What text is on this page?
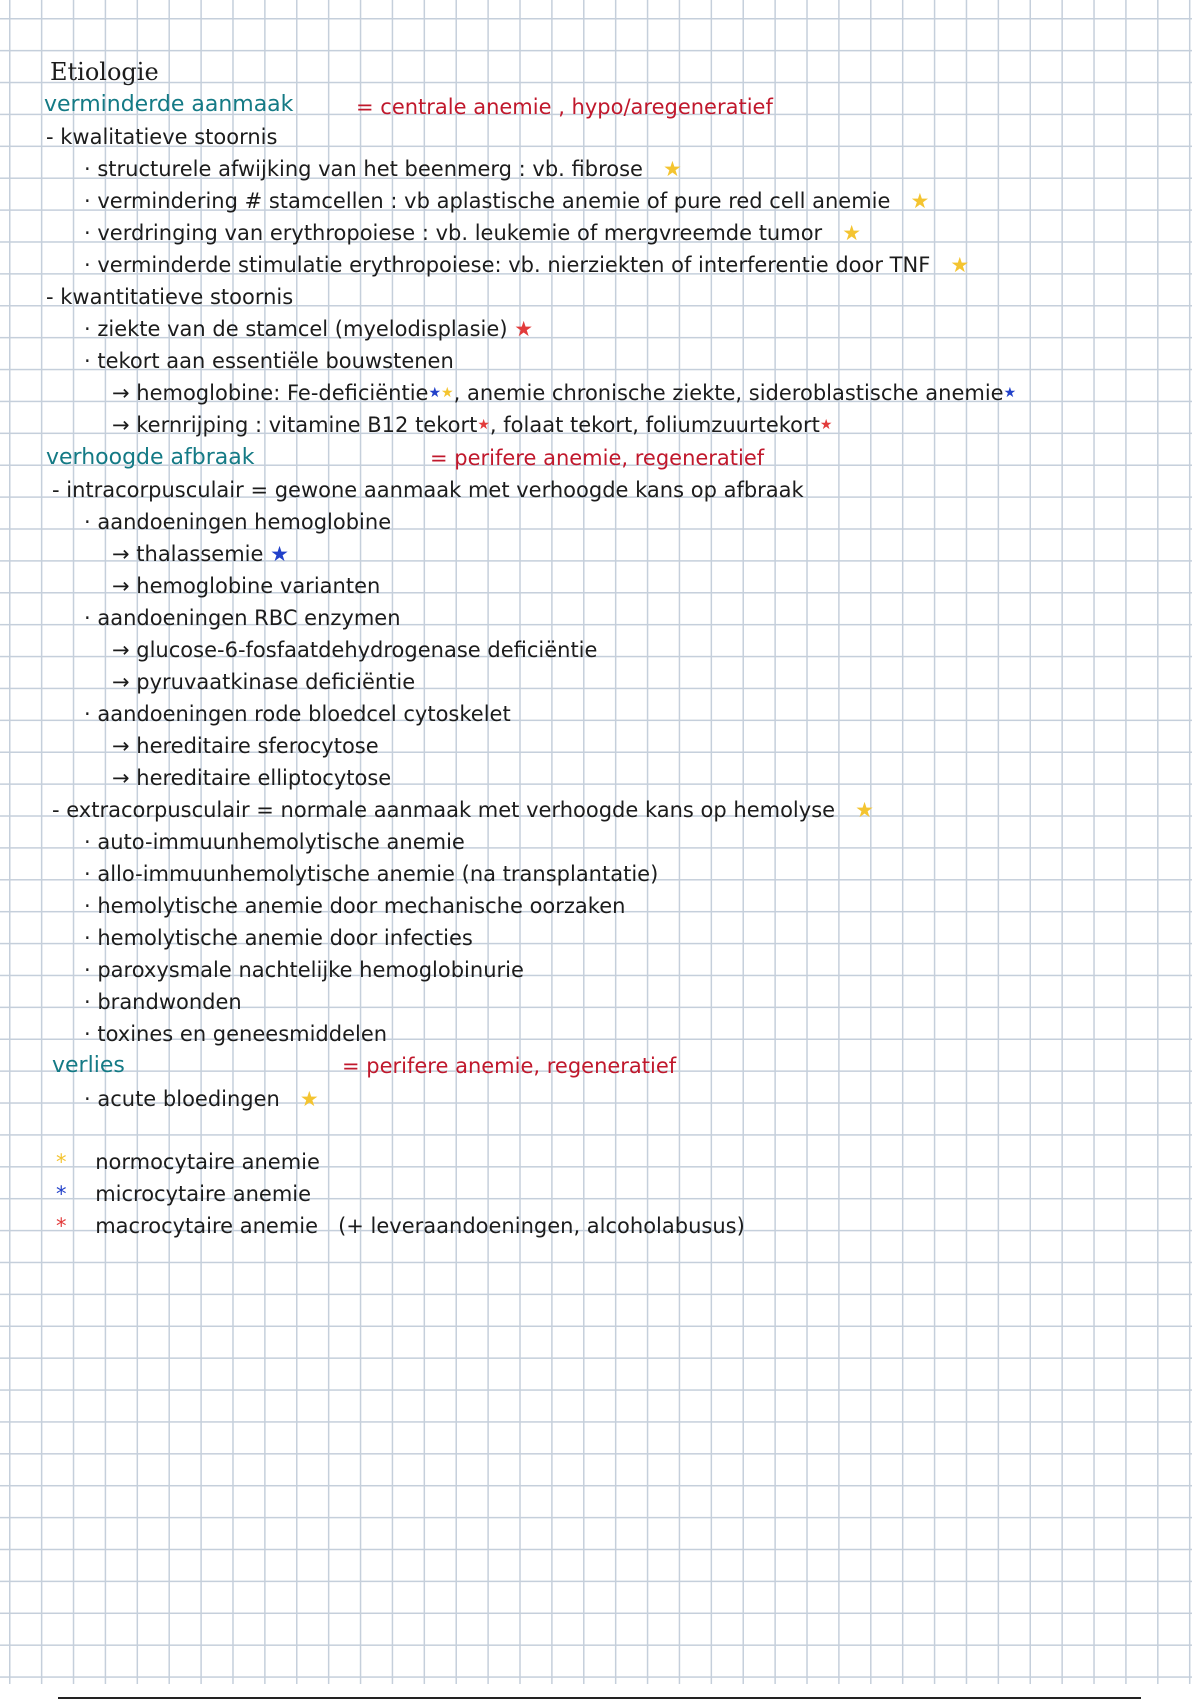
Etiologie
verminderde aanmaak	= centrale anemie , hypo/aregeneratief
- kwalitatieve stoornis
· structurele afwijking van het beenmerg : vb. fibrose   ★
· vermindering # stamcellen : vb aplastische anemie of pure red cell anemie   ★
· verdringing van erythropoiese : vb. leukemie of mergvreemde tumor   ★
· verminderde stimulatie erythropoiese: vb. nierziekten of interferentie door TNF   ★
- kwantitatieve stoornis
· ziekte van de stamcel (myelodisplasie) ★
· tekort aan essentiële bouwstenen
→ hemoglobine: Fe-deficiëntie★★, anemie chronische ziekte, sideroblastische anemie★
→ kernrijping : vitamine B12 tekort★, folaat tekort, foliumzuurtekort★
verhoogde afbraak	= perifere anemie, regeneratief
- intracorpusculair = gewone aanmaak met verhoogde kans op afbraak
· aandoeningen hemoglobine
→ thalassemie ★
→ hemoglobine varianten
· aandoeningen RBC enzymen
→ glucose-6-fosfaatdehydrogenase deficiëntie
→ pyruvaatkinase deficiëntie
· aandoeningen rode bloedcel cytoskelet
→ hereditaire sferocytose
→ hereditaire elliptocytose
- extracorpusculair = normale aanmaak met verhoogde kans op hemolyse   ★
· auto-immuunhemolytische anemie
· allo-immuunhemolytische anemie (na transplantatie)
· hemolytische anemie door mechanische oorzaken
· hemolytische anemie door infecties
· paroxysmale nachtelijke hemoglobinurie
· brandwonden
· toxines en geneesmiddelen
verlies	= perifere anemie, regeneratief
· acute bloedingen   ★
* normocytaire anemie
* microcytaire anemie
* macrocytaire anemie   (+ leveraandoeningen, alcoholabusus)
